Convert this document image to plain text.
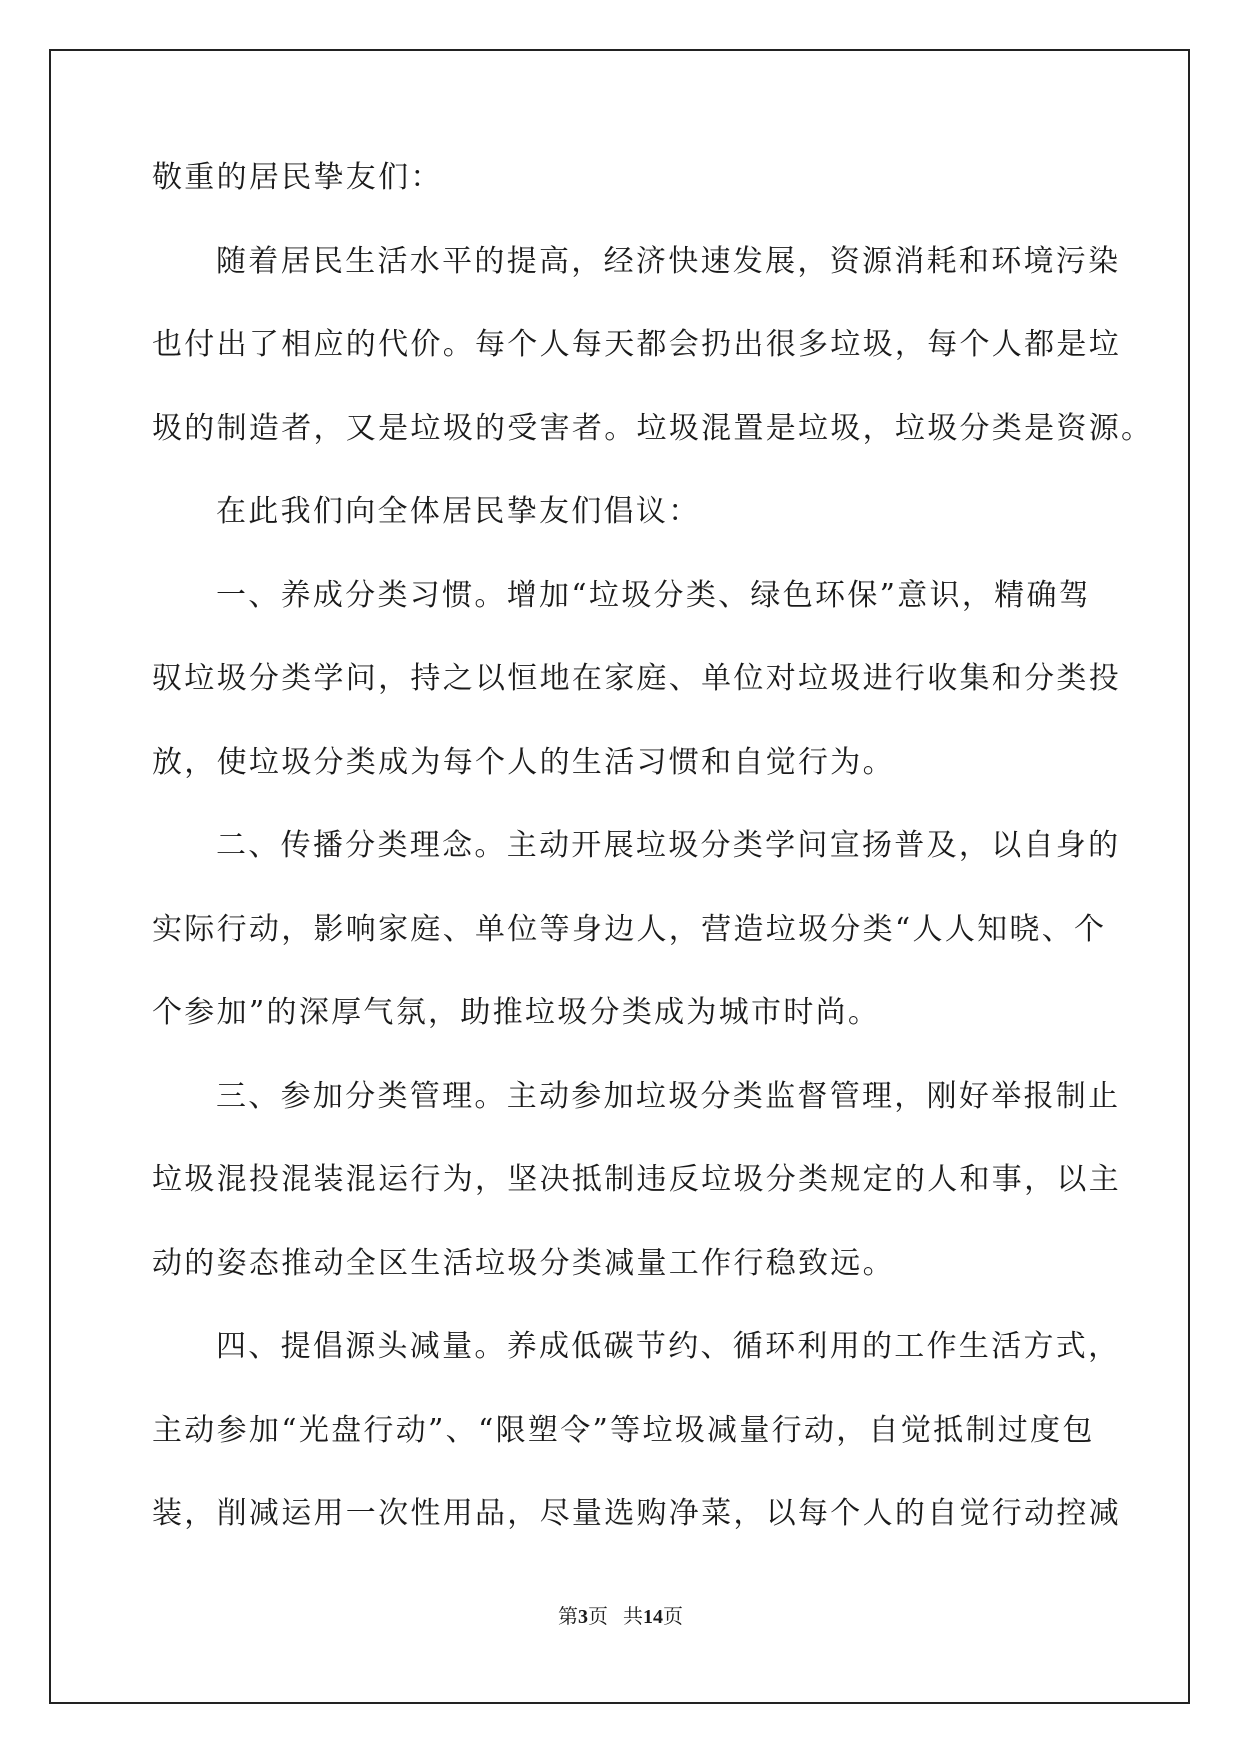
敬重的居民挚友们：
随着居民生活水平的提高，经济快速发展，资源消耗和环境污染
也付出了相应的代价。每个人每天都会扔出很多垃圾，每个人都是垃
圾的制造者，又是垃圾的受害者。垃圾混置是垃圾，垃圾分类是资源。
在此我们向全体居民挚友们倡议：
一、养成分类习惯。增加“垃圾分类、绿色环保”意识，精确驾
驭垃圾分类学问，持之以恒地在家庭、单位对垃圾进行收集和分类投
放，使垃圾分类成为每个人的生活习惯和自觉行为。
二、传播分类理念。主动开展垃圾分类学问宣扬普及，以自身的
实际行动，影响家庭、单位等身边人，营造垃圾分类“人人知晓、个
个参加”的深厚气氛，助推垃圾分类成为城市时尚。
三、参加分类管理。主动参加垃圾分类监督管理，刚好举报制止
垃圾混投混装混运行为，坚决抵制违反垃圾分类规定的人和事，以主
动的姿态推动全区生活垃圾分类减量工作行稳致远。
四、提倡源头减量。养成低碳节约、循环利用的工作生活方式，
主动参加“光盘行动”、“限塑令”等垃圾减量行动，自觉抵制过度包
装，削减运用一次性用品，尽量选购净菜，以每个人的自觉行动控减
第3页 共14页
